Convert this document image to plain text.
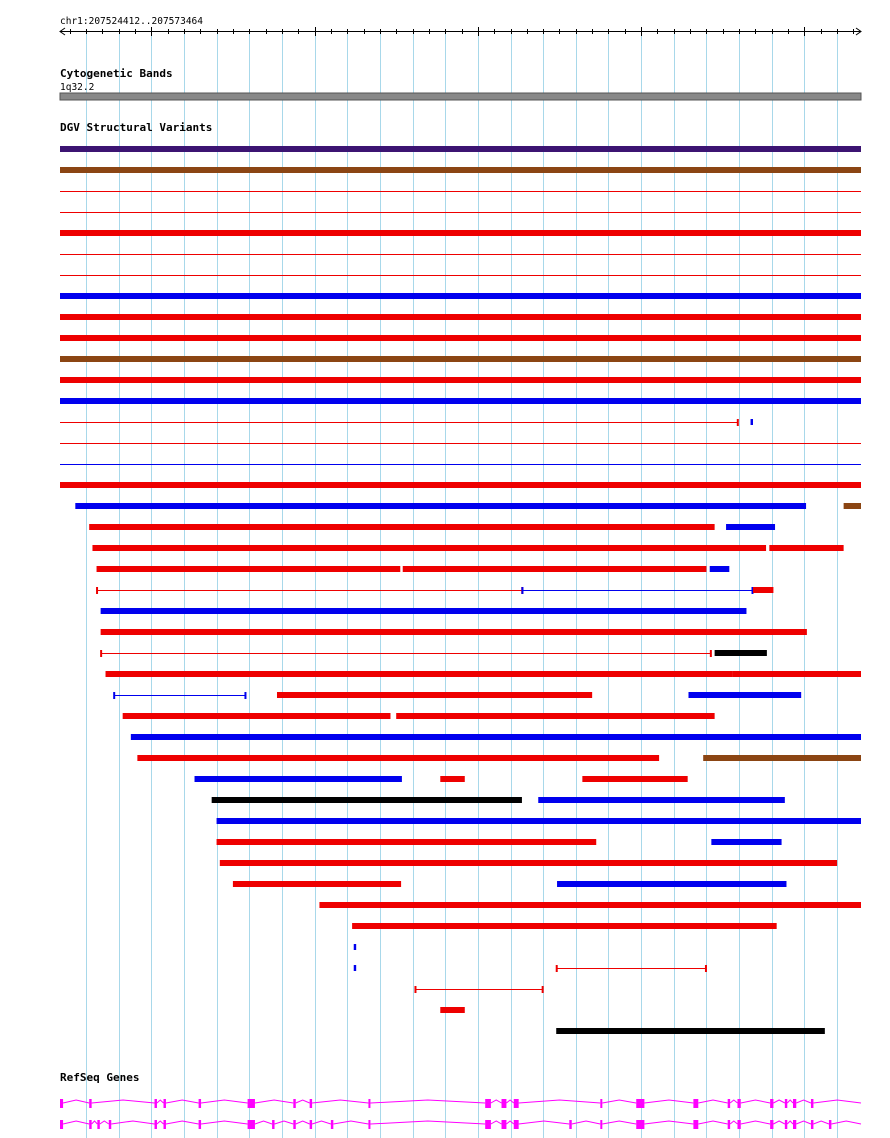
chr1:207524412..207573464
Cytogenetic Bands
1q32.2
DGV Structural Variants
RefSeq Genes
